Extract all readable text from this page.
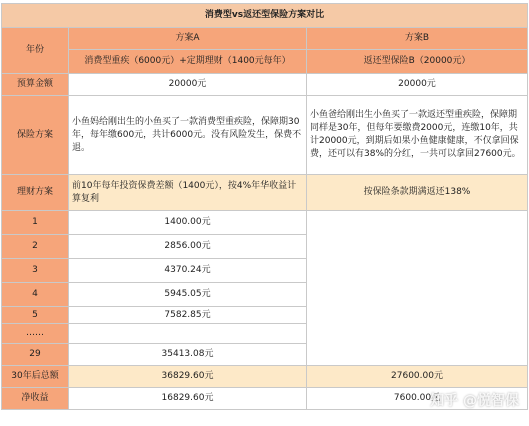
消费型vs返还型保险方案对比		
年份	方案A	方案B
	消费型重疾（6000元）+定期理财（1400元每年）	返还型保险B（20000元）
预算金额	20000元	20000元
保险方案	小鱼妈给刚出生的小鱼买了一款消费型重疾险，保障期30年，每年缴600元，共计6000元。没有风险发生，保费不退。	小鱼爸给刚出生小鱼买了一款返还型重疾险，保障期同样是30年，但每年要缴费2000元，连缴10年，共计20000元，到期后如果小鱼健康健康，不仅拿回保费，还可以有38%的分红，一共可以拿回27600元。
理财方案	前10年每年投资保费差额（1400元），按4%年华收益计算复利	按保险条款期满返还138%
1	1400.00元	
2	2856.00元	
3	4370.24元	
4	5945.05元	
5	7582.85元	
……		
29	35413.08元	
30年后总额	36829.60元	27600.00元
净收益	16829.60元	7600.00元
知乎 @悦智保
